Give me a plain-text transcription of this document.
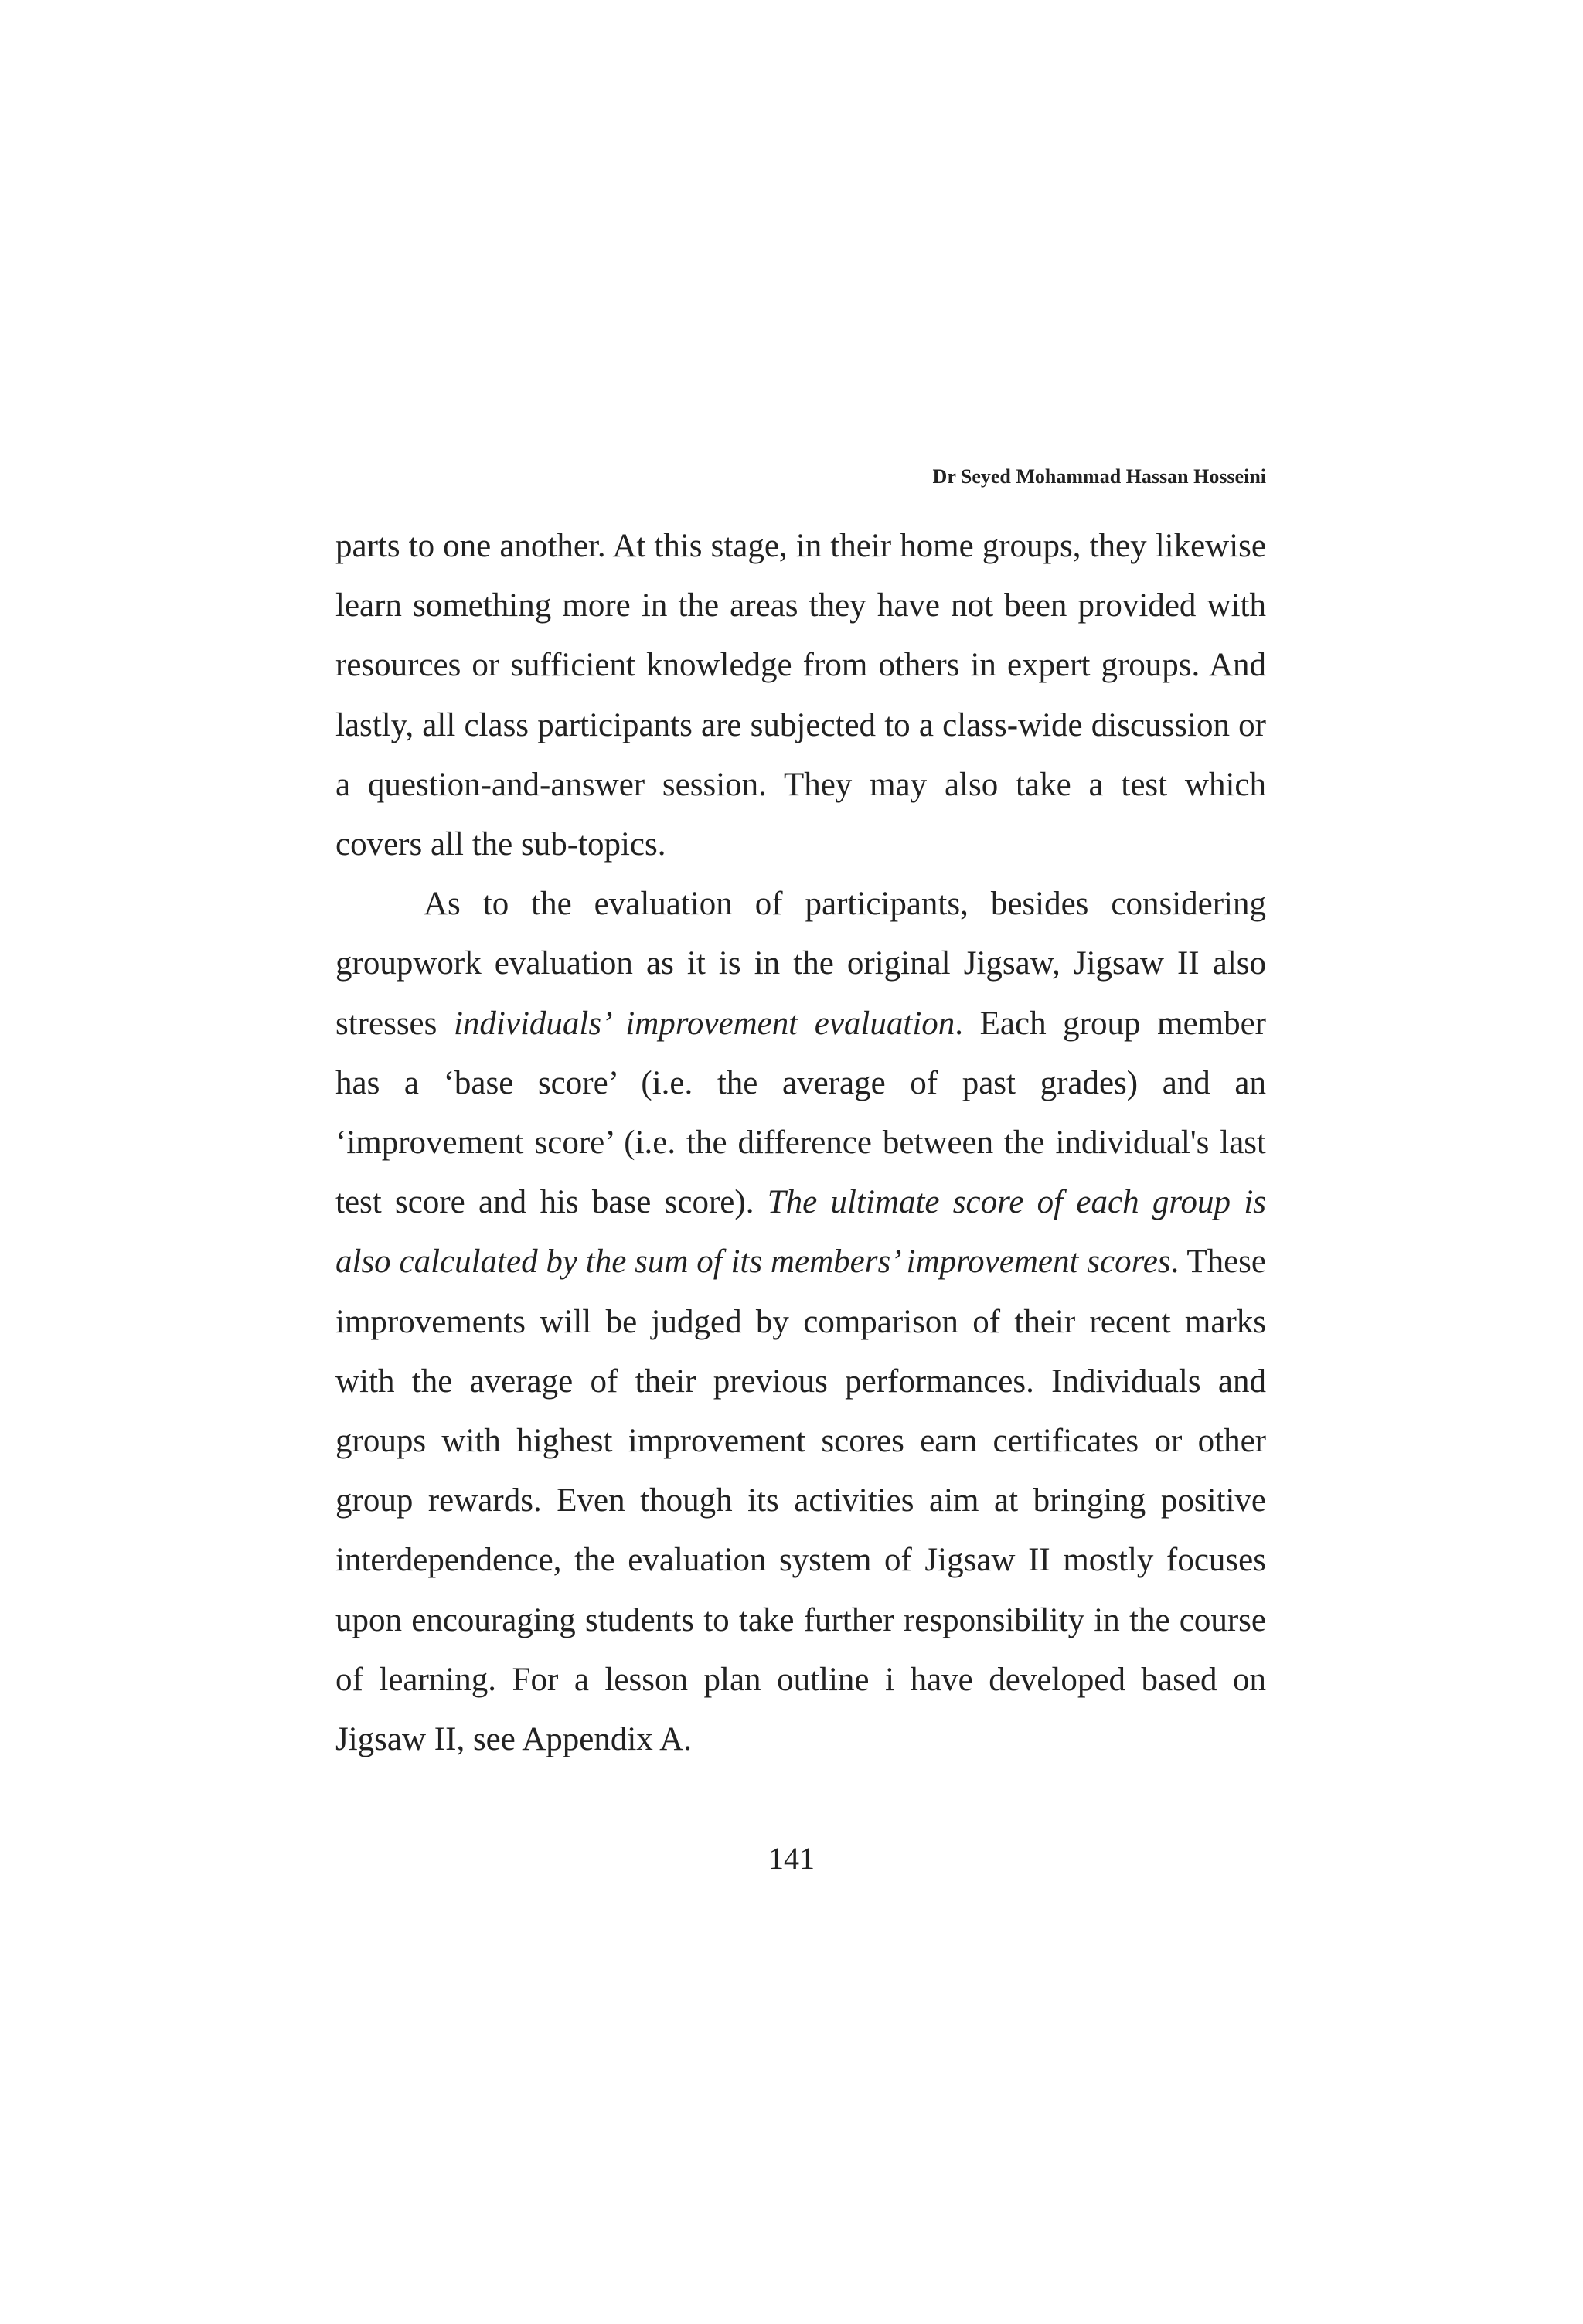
Dr Seyed Mohammad Hassan Hosseini

parts to one another. At this stage, in their home groups, they likewise learn something more in the areas they have not been provided with resources or sufficient knowledge from others in expert groups. And lastly, all class participants are subjected to a class-wide discussion or a question-and-answer session. They may also take a test which covers all the sub-topics.

As to the evaluation of participants, besides considering groupwork evaluation as it is in the original Jigsaw, Jigsaw II also stresses individuals’ improvement evaluation. Each group member has a ‘base score’ (i.e. the average of past grades) and an ‘improvement score’ (i.e. the difference between the individual's last test score and his base score). The ultimate score of each group is also calculated by the sum of its members’ improvement scores. These improvements will be judged by comparison of their recent marks with the average of their previous performances. Individuals and groups with highest improvement scores earn certificates or other group rewards. Even though its activities aim at bringing positive interdependence, the evaluation system of Jigsaw II mostly focuses upon encouraging students to take further responsibility in the course of learning. For a lesson plan outline i have developed based on Jigsaw II, see Appendix A.

141
